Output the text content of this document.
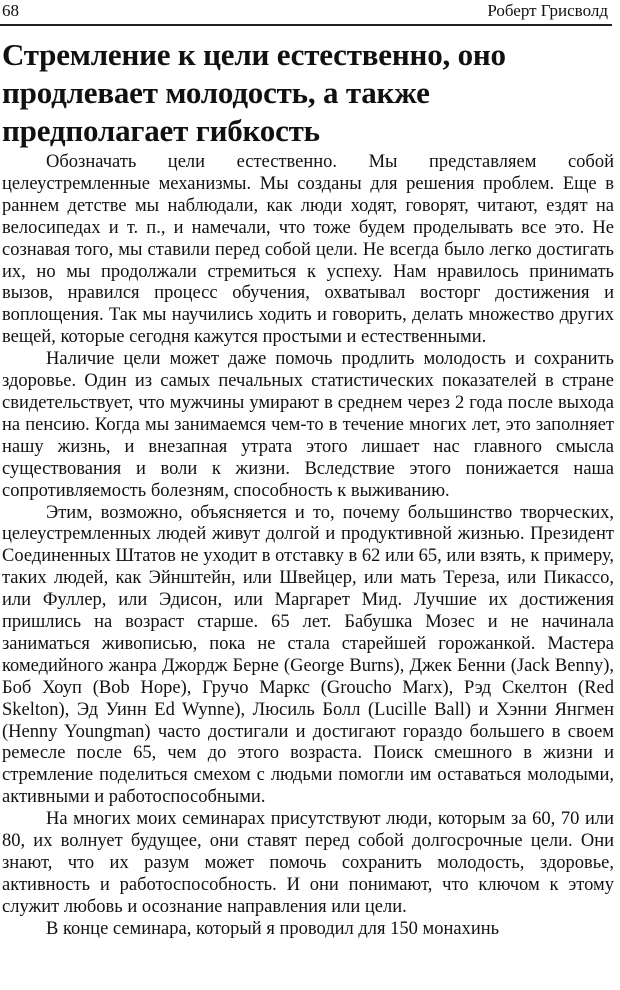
68	Роберт Грисволд
Стремление к цели естественно, оно продлевает молодость, а также предполагает гибкость

Обозначать цели естественно. Мы представляем собой целеустремленные механизмы. Мы созданы для решения проблем. Еще в раннем детстве мы наблюдали, как люди ходят, говорят, читают, ездят на велосипедах и т. п., и намечали, что тоже будем проделывать все это. Не сознавая того, мы ставили перед собой цели. Не всегда было легко достигать их, но мы продолжали стремиться к успеху. Нам нравилось принимать вызов, нравился процесс обучения, охватывал восторг достижения и воплощения. Так мы научились ходить и говорить, делать множество других вещей, которые сегодня кажутся простыми и естественными.

Наличие цели может даже помочь продлить молодость и сохранить здоровье. Один из самых печальных статистических показателей в стране свидетельствует, что мужчины умирают в среднем через 2 года после выхода на пенсию. Когда мы занимаемся чем-то в течение многих лет, это заполняет нашу жизнь, и внезапная утрата этого лишает нас главного смысла существования и воли к жизни. Вследствие этого понижается наша сопротивляемость болезням, способность к выживанию.

Этим, возможно, объясняется и то, почему большинство творческих, целеустремленных людей живут долгой и продуктивной жизнью. Президент Соединенных Штатов не уходит в отставку в 62 или 65, или взять, к примеру, таких людей, как Эйнштейн, или Швейцер, или мать Тереза, или Пикассо, или Фуллер, или Эдисон, или Маргарет Мид. Лучшие их достижения пришлись на возраст старше. 65 лет. Бабушка Мозес и не начинала заниматься живописью, пока не стала старейшей горожанкой. Мастера комедийного жанра Джордж Берне (George Burns), Джек Бенни (Jack Benny), Боб Хоуп (Bob Hope), Гручо Маркс (Groucho Marx), Рэд Скелтон (Red Skelton), Эд Уинн Ed Wynne), Люсиль Болл (Lucille Ball) и Хэнни Янгмен (Henny Youngman) часто достигали и достигают гораздо большего в своем ремесле после 65, чем до этого возраста. Поиск смешного в жизни и стремление поделиться смехом с людьми помогли им оставаться молодыми, активными и работоспособными.

На многих моих семинарах присутствуют люди, которым за 60, 70 или 80, их волнует будущее, они ставят перед собой долгосрочные цели. Они знают, что их разум может помочь сохранить молодость, здоровье, активность и работоспособность. И они понимают, что ключом к этому служит любовь и осознание направления или цели.

В конце семинара, который я проводил для 150 монахинь
